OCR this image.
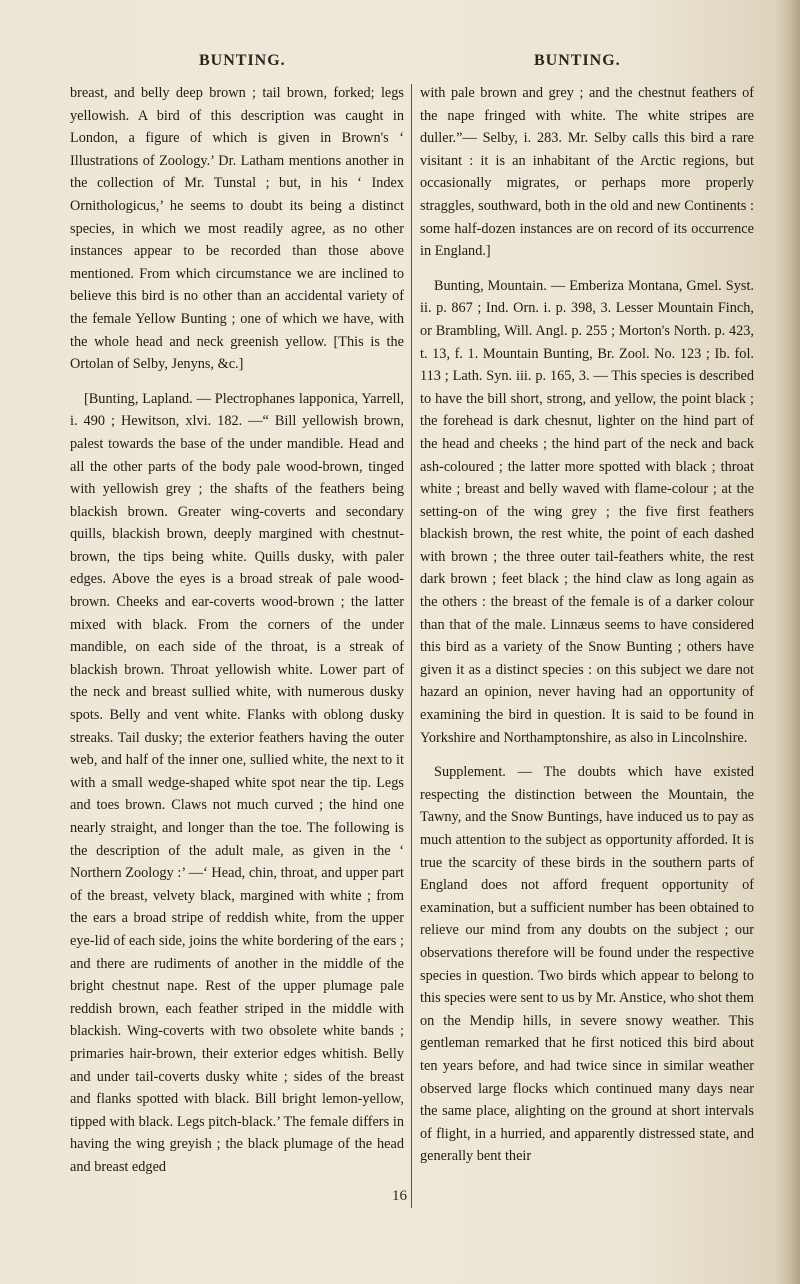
BUNTING.	BUNTING.

breast, and belly deep brown ; tail brown, forked; legs yellowish. A bird of this description was caught in London, a figure of which is given in Brown's ‘ Illustrations of Zoology.’ Dr. Latham mentions another in the collection of Mr. Tunstal ; but, in his ‘ Index Ornithologicus,’ he seems to doubt its being a distinct species, in which we most readily agree, as no other instances appear to be recorded than those above mentioned. From which circumstance we are inclined to believe this bird is no other than an accidental variety of the female Yellow Bunting ; one of which we have, with the whole head and neck greenish yellow. [This is the Ortolan of Selby, Jenyns, &c.]

[Bunting, Lapland. — Plectrophanes lapponica, Yarrell, i. 490 ; Hewitson, xlvi. 182. —“ Bill yellowish brown, palest towards the base of the under mandible. Head and all the other parts of the body pale wood-brown, tinged with yellowish grey ; the shafts of the feathers being blackish brown. Greater wing-coverts and secondary quills, blackish brown, deeply margined with chestnut-brown, the tips being white. Quills dusky, with paler edges. Above the eyes is a broad streak of pale wood-brown. Cheeks and ear-coverts wood-brown ; the latter mixed with black. From the corners of the under mandible, on each side of the throat, is a streak of blackish brown. Throat yellowish white. Lower part of the neck and breast sullied white, with numerous dusky spots. Belly and vent white. Flanks with oblong dusky streaks. Tail dusky; the exterior feathers having the outer web, and half of the inner one, sullied white, the next to it with a small wedge-shaped white spot near the tip. Legs and toes brown. Claws not much curved ; the hind one nearly straight, and longer than the toe. The following is the description of the adult male, as given in the ‘ Northern Zoology :’ —‘ Head, chin, throat, and upper part of the breast, velvety black, margined with white ; from the ears a broad stripe of reddish white, from the upper eye-lid of each side, joins the white bordering of the ears ; and there are rudiments of another in the middle of the bright chestnut nape. Rest of the upper plumage pale reddish brown, each feather striped in the middle with blackish. Wing-coverts with two obsolete white bands ; primaries hair-brown, their exterior edges whitish. Belly and under tail-coverts dusky white ; sides of the breast and flanks spotted with black. Bill bright lemon-yellow, tipped with black. Legs pitch-black.’ The female differs in having the wing greyish ; the black plumage of the head and breast edged

with pale brown and grey ; and the chestnut feathers of the nape fringed with white. The white stripes are duller.”— Selby, i. 283. Mr. Selby calls this bird a rare visitant : it is an inhabitant of the Arctic regions, but occasionally migrates, or perhaps more properly straggles, southward, both in the old and new Continents : some half-dozen instances are on record of its occurrence in England.]

Bunting, Mountain. — Emberiza Montana, Gmel. Syst. ii. p. 867 ; Ind. Orn. i. p. 398, 3. Lesser Mountain Finch, or Brambling, Will. Angl. p. 255 ; Morton's North. p. 423, t. 13, f. 1. Mountain Bunting, Br. Zool. No. 123 ; Ib. fol. 113 ; Lath. Syn. iii. p. 165, 3. — This species is described to have the bill short, strong, and yellow, the point black ; the forehead is dark chesnut, lighter on the hind part of the head and cheeks ; the hind part of the neck and back ash-coloured ; the latter more spotted with black ; throat white ; breast and belly waved with flame-colour ; at the setting-on of the wing grey ; the five first feathers blackish brown, the rest white, the point of each dashed with brown ; the three outer tail-feathers white, the rest dark brown ; feet black ; the hind claw as long again as the others : the breast of the female is of a darker colour than that of the male. Linnæus seems to have considered this bird as a variety of the Snow Bunting ; others have given it as a distinct species : on this subject we dare not hazard an opinion, never having had an opportunity of examining the bird in question. It is said to be found in Yorkshire and Northamptonshire, as also in Lincolnshire.

Supplement. — The doubts which have existed respecting the distinction between the Mountain, the Tawny, and the Snow Buntings, have induced us to pay as much attention to the subject as opportunity afforded. It is true the scarcity of these birds in the southern parts of England does not afford frequent opportunity of examination, but a sufficient number has been obtained to relieve our mind from any doubts on the subject ; our observations therefore will be found under the respective species in question. Two birds which appear to belong to this species were sent to us by Mr. Anstice, who shot them on the Mendip hills, in severe snowy weather. This gentleman remarked that he first noticed this bird about ten years before, and had twice since in similar weather observed large flocks which continued many days near the same place, alighting on the ground at short intervals of flight, in a hurried, and apparently distressed state, and generally bent their

16
